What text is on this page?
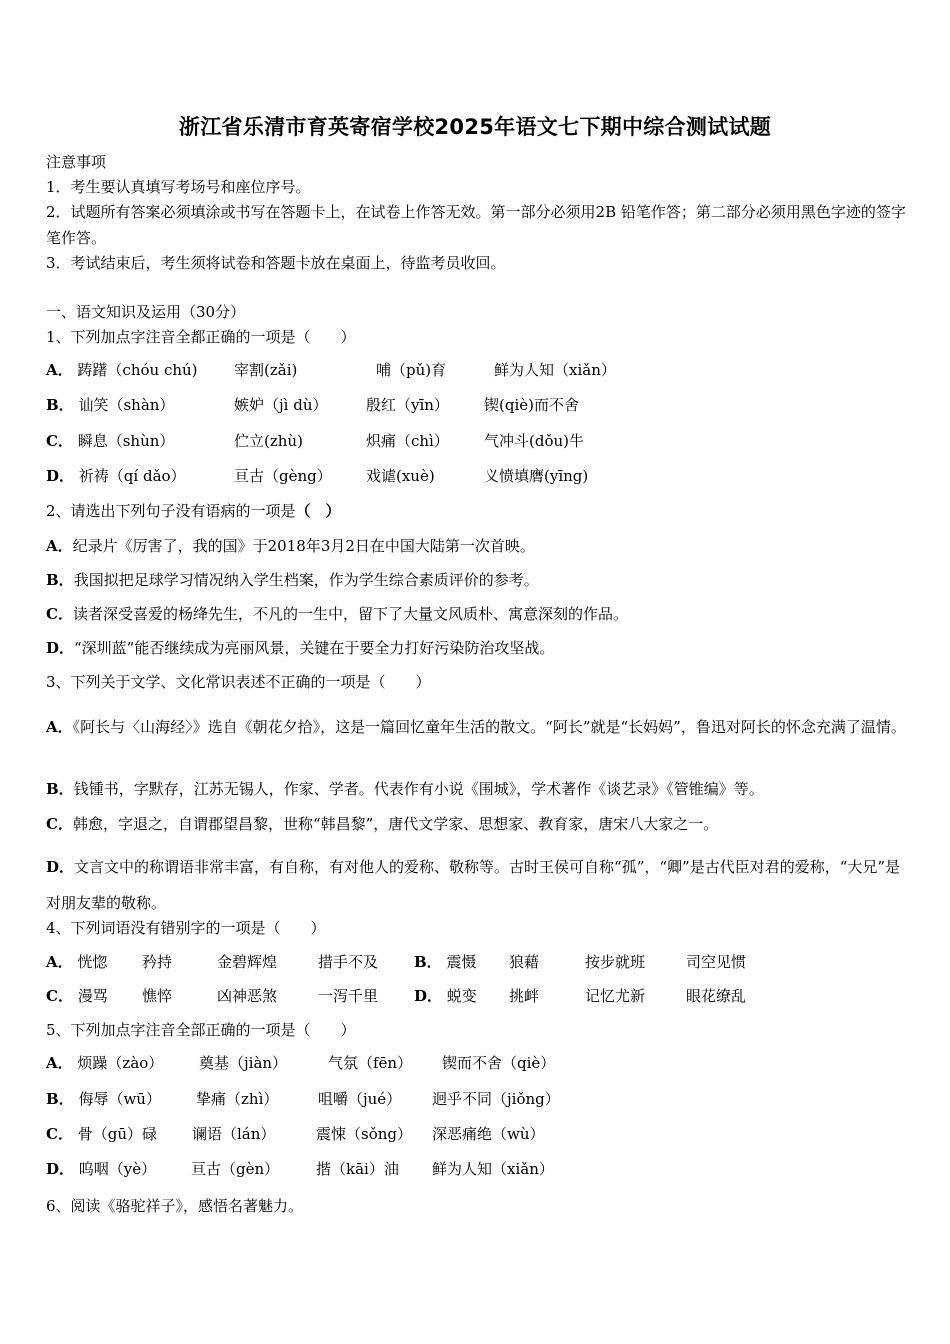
浙江省乐清市育英寄宿学校2025年语文七下期中综合测试试题
注意事项
1．考生要认真填写考场号和座位序号。
2．试题所有答案必须填涂或书写在答题卡上，在试卷上作答无效。第一部分必须用2B 铅笔作答；第二部分必须用黑色字迹的签字笔作答。
3．考试结束后，考生须将试卷和答题卡放在桌面上，待监考员收回。
一、语文知识及运用（30分）
1、下列加点字注音全都正确的一项是（　　）
A． 踌躇（chóu chú) 宰割(zǎi)	哺（pǔ)育	鲜为人知（xiǎn）
B． 讪笑（shàn）	嫉妒（jì dù）	殷红（yīn） 锲(qiè)而不舍
C． 瞬息（shùn）	伫立(zhù)	炽痛（chì） 气冲斗(dǒu)牛
D． 祈祷（qí dǎo）	亘古（gèng） 戏谑(xuè)	义愤填膺(yīng)
2、请选出下列句子没有语病的一项是（　）
A．纪录片《厉害了，我的国》于2018年3月2日在中国大陆第一次首映。
B．我国拟把足球学习情况纳入学生档案，作为学生综合素质评价的参考。
C．读者深受喜爱的杨绛先生，不凡的一生中，留下了大量文风质朴、寓意深刻的作品。
D．“深圳蓝”能否继续成为亮丽风景，关键在于要全力打好污染防治攻坚战。
3、下列关于文学、文化常识表述不正确的一项是（　　）
A．《阿长与〈山海经〉》选自《朝花夕拾》，这是一篇回忆童年生活的散文。“阿长”就是“长妈妈”，鲁迅对阿长的怀念充满了温情。
B．钱锺书，字默存，江苏无锡人，作家、学者。代表作有小说《围城》，学术著作《谈艺录》《管锥编》等。
C．韩愈，字退之，自谓郡望昌黎，世称“韩昌黎”，唐代文学家、思想家、教育家，唐宋八大家之一。
D．文言文中的称谓语非常丰富，有自称，有对他人的爱称、敬称等。古时王侯可自称“孤”，“卿”是古代臣对君的爱称，“大兄”是对朋友辈的敬称。
4、下列词语没有错别字的一项是（　　）
A． 恍惚 矜持	金碧辉煌	措手不及 B． 震慑 狼藉	按步就班	司空见惯
C． 漫骂 憔悴	凶神恶煞	一泻千里 D． 蜕变 挑衅	记忆尤新	眼花缭乱
5、下列加点字注音全部正确的一项是（　　）
A． 烦躁（zào） 奠基（jiàn）	气氛（fēn） 锲而不舍（qiè）
B． 侮辱（wū） 挚痛（zhì）	咀嚼（jué） 迥乎不同（jiǒng）
C． 骨（gū）碌 谰语（lán）	震悚（sǒng） 深恶痛绝（wù）
D． 呜咽（yè） 亘古（gèn） 揩（kāi）油 鲜为人知（xiǎn）
6、阅读《骆驼祥子》，感悟名著魅力。
